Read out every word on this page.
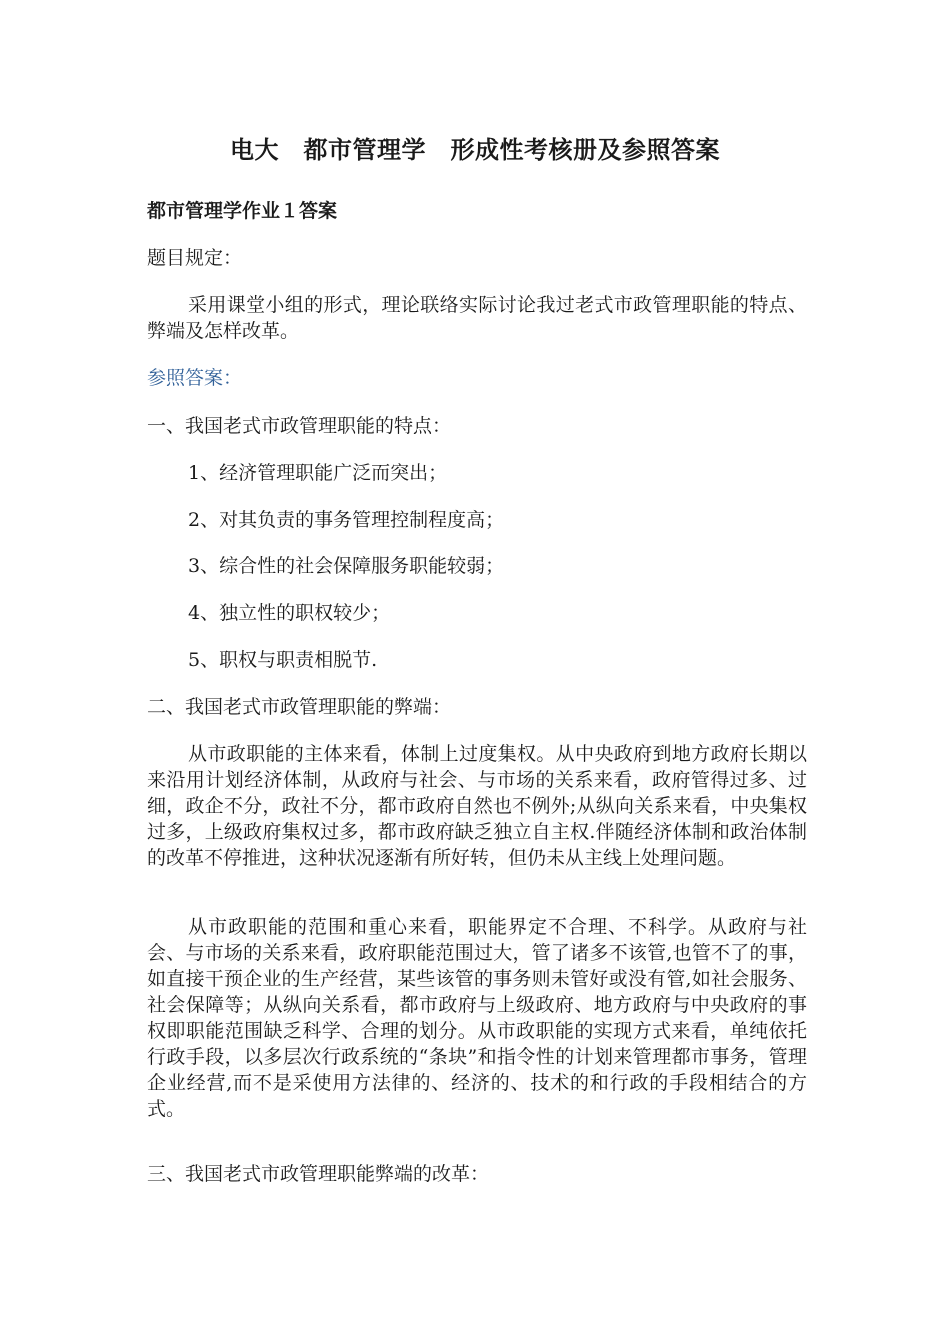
电大　都市管理学　形成性考核册及参照答案
都市管理学作业１答案
题目规定：

采用课堂小组的形式，理论联络实际讨论我过老式市政管理职能的特点、弊端及怎样改革。

参照答案：
一、我国老式市政管理职能的特点：
1、经济管理职能广泛而突出；
2、对其负责的事务管理控制程度高；
3、综合性的社会保障服务职能较弱；
4、独立性的职权较少；
5、职权与职责相脱节.
二、我国老式市政管理职能的弊端：

从市政职能的主体来看，体制上过度集权。从中央政府到地方政府长期以来沿用计划经济体制，从政府与社会、与市场的关系来看，政府管得过多、过细，政企不分，政社不分，都市政府自然也不例外;从纵向关系来看，中央集权过多，上级政府集权过多，都市政府缺乏独立自主权.伴随经济体制和政治体制的改革不停推进，这种状况逐渐有所好转，但仍未从主线上处理问题。

从市政职能的范围和重心来看，职能界定不合理、不科学。从政府与社会、与市场的关系来看，政府职能范围过大，管了诸多不该管,也管不了的事，如直接干预企业的生产经营，某些该管的事务则未管好或没有管,如社会服务、社会保障等；从纵向关系看，都市政府与上级政府、地方政府与中央政府的事权即职能范围缺乏科学、合理的划分。从市政职能的实现方式来看，单纯依托行政手段，以多层次行政系统的“条块”和指令性的计划来管理都市事务，管理企业经营,而不是采使用方法律的、经济的、技术的和行政的手段相结合的方式。

三、我国老式市政管理职能弊端的改革：
